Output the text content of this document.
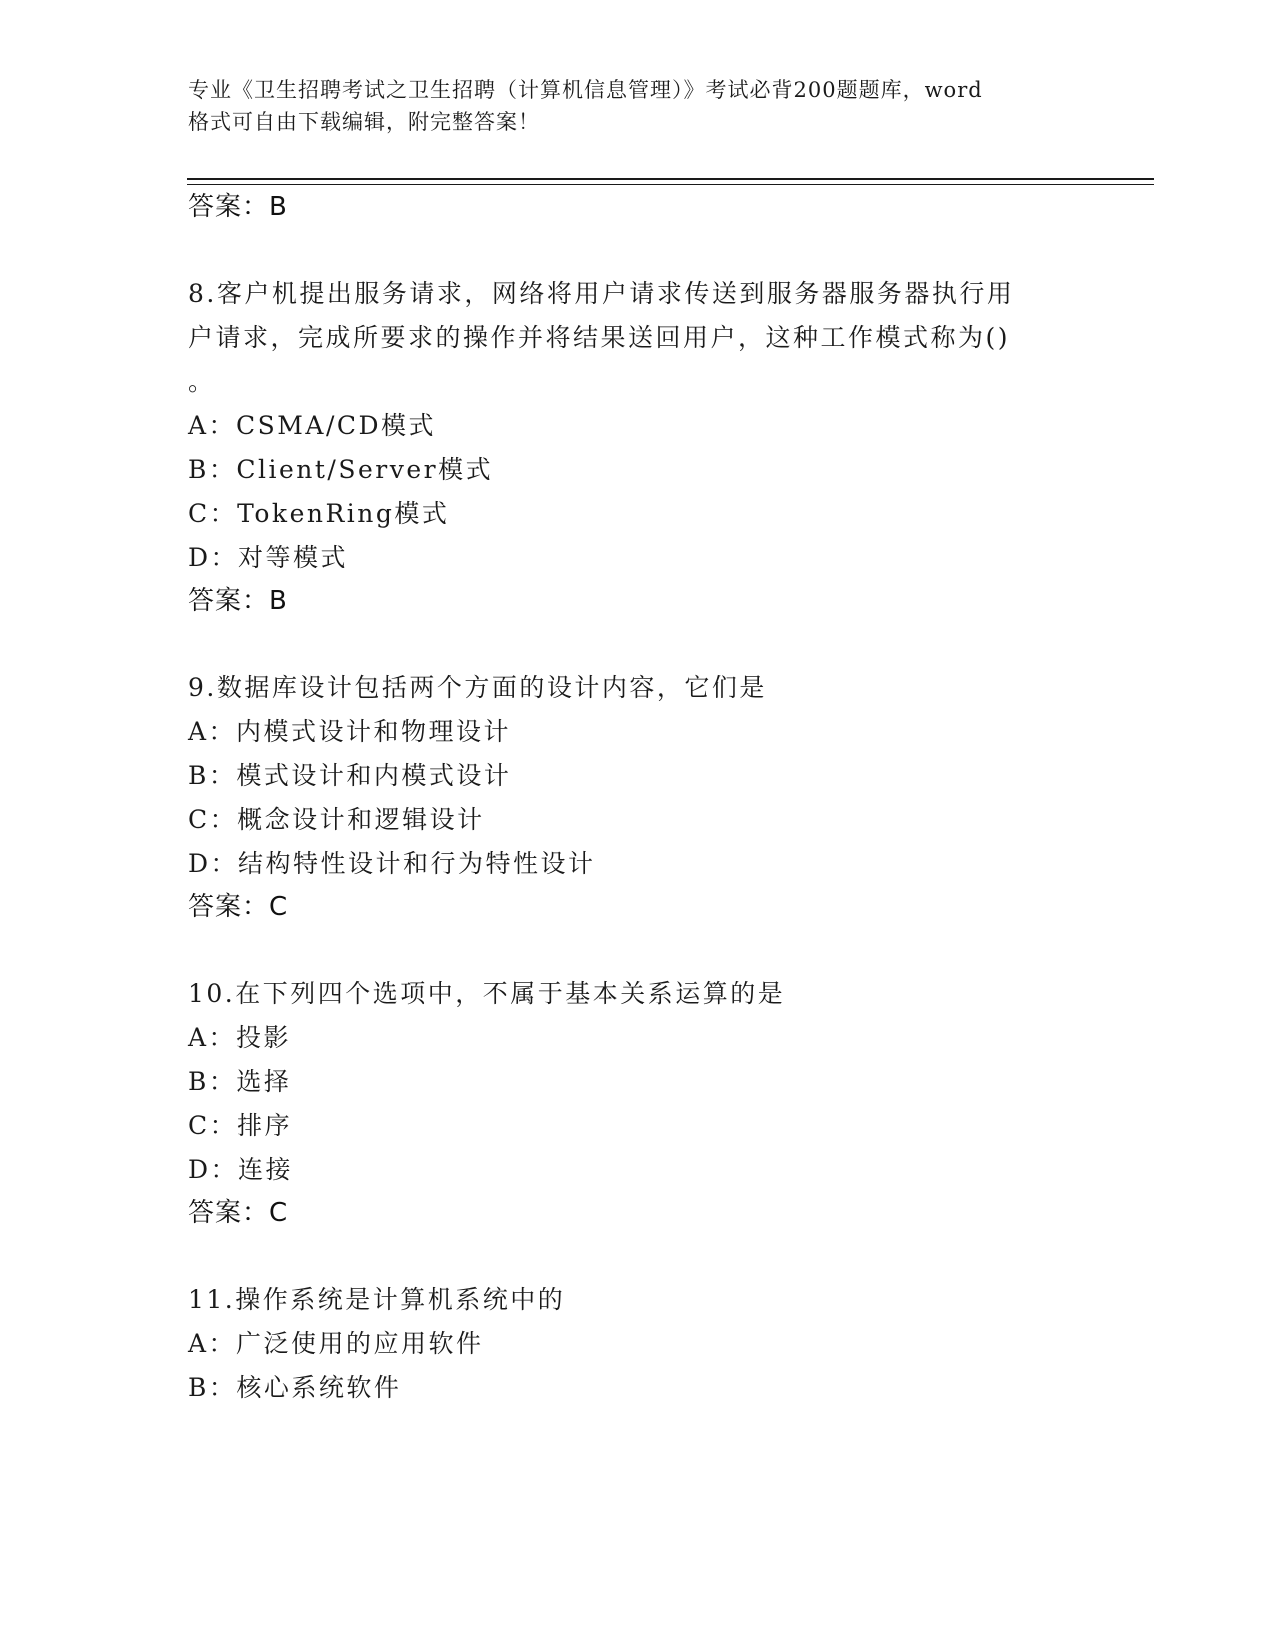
专业《卫生招聘考试之卫生招聘（计算机信息管理）》考试必背200题题库，word
格式可自由下载编辑，附完整答案！
答案：B
8.客户机提出服务请求，网络将用户请求传送到服务器服务器执行用
户请求，完成所要求的操作并将结果送回用户，这种工作模式称为()
。
A：CSMA/CD模式
B：Client/Server模式
C：TokenRing模式
D：对等模式
答案：B
9.数据库设计包括两个方面的设计内容，它们是
A：内模式设计和物理设计
B：模式设计和内模式设计
C：概念设计和逻辑设计
D：结构特性设计和行为特性设计
答案：C
10.在下列四个选项中，不属于基本关系运算的是
A：投影
B：选择
C：排序
D：连接
答案：C
11.操作系统是计算机系统中的
A：广泛使用的应用软件
B：核心系统软件
